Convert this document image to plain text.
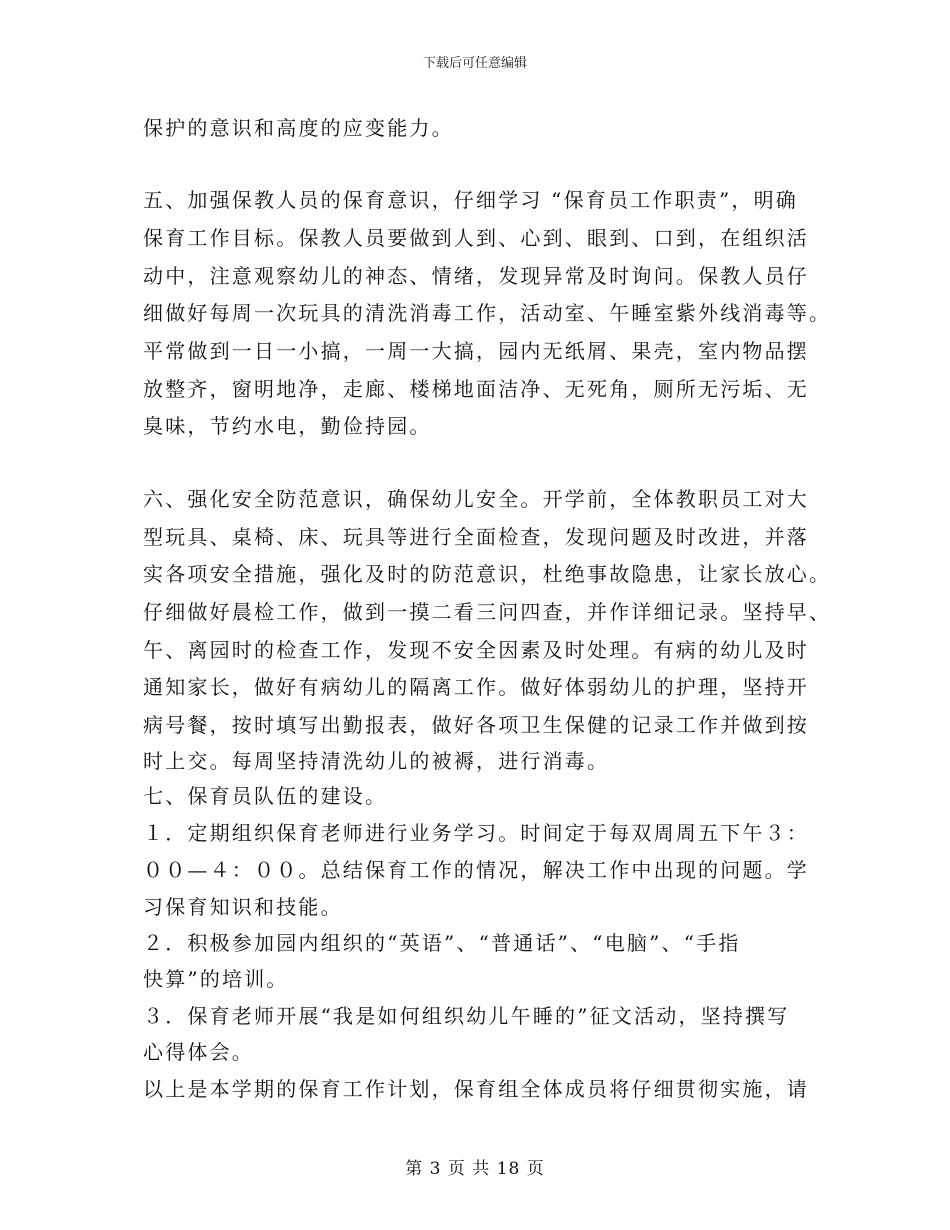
下载后可任意编辑
保护的意识和高度的应变能力。
五、加强保教人员的保育意识，仔细学习 “保育员工作职责”，明确
保育工作目标。保教人员要做到人到、心到、眼到、口到，在组织活
动中，注意观察幼儿的神态、情绪，发现异常及时询问。保教人员仔
细做好每周一次玩具的清洗消毒工作，活动室、午睡室紫外线消毒等。
平常做到一日一小搞，一周一大搞，园内无纸屑、果壳，室内物品摆
放整齐，窗明地净，走廊、楼梯地面洁净、无死角，厕所无污垢、无
臭味，节约水电，勤俭持园。
六、强化安全防范意识，确保幼儿安全。开学前，全体教职员工对大
型玩具、桌椅、床、玩具等进行全面检查，发现问题及时改进，并落
实各项安全措施，强化及时的防范意识，杜绝事故隐患，让家长放心。
仔细做好晨检工作，做到一摸二看三问四查，并作详细记录。坚持早、
午、离园时的检查工作，发现不安全因素及时处理。有病的幼儿及时
通知家长，做好有病幼儿的隔离工作。做好体弱幼儿的护理，坚持开
病号餐，按时填写出勤报表，做好各项卫生保健的记录工作并做到按
时上交。每周坚持清洗幼儿的被褥，进行消毒。
七、保育员队伍的建设。
１．定期组织保育老师进行业务学习。时间定于每双周周五下午３：
００—４：００。总结保育工作的情况，解决工作中出现的问题。学
习保育知识和技能。
２．积极参加园内组织的“英语”、“普通话”、“电脑”、“手指
快算”的培训。
３．保育老师开展“我是如何组织幼儿午睡的”征文活动，坚持撰写
心得体会。
以上是本学期的保育工作计划，保育组全体成员将仔细贯彻实施，请
第 3 页 共 18 页
